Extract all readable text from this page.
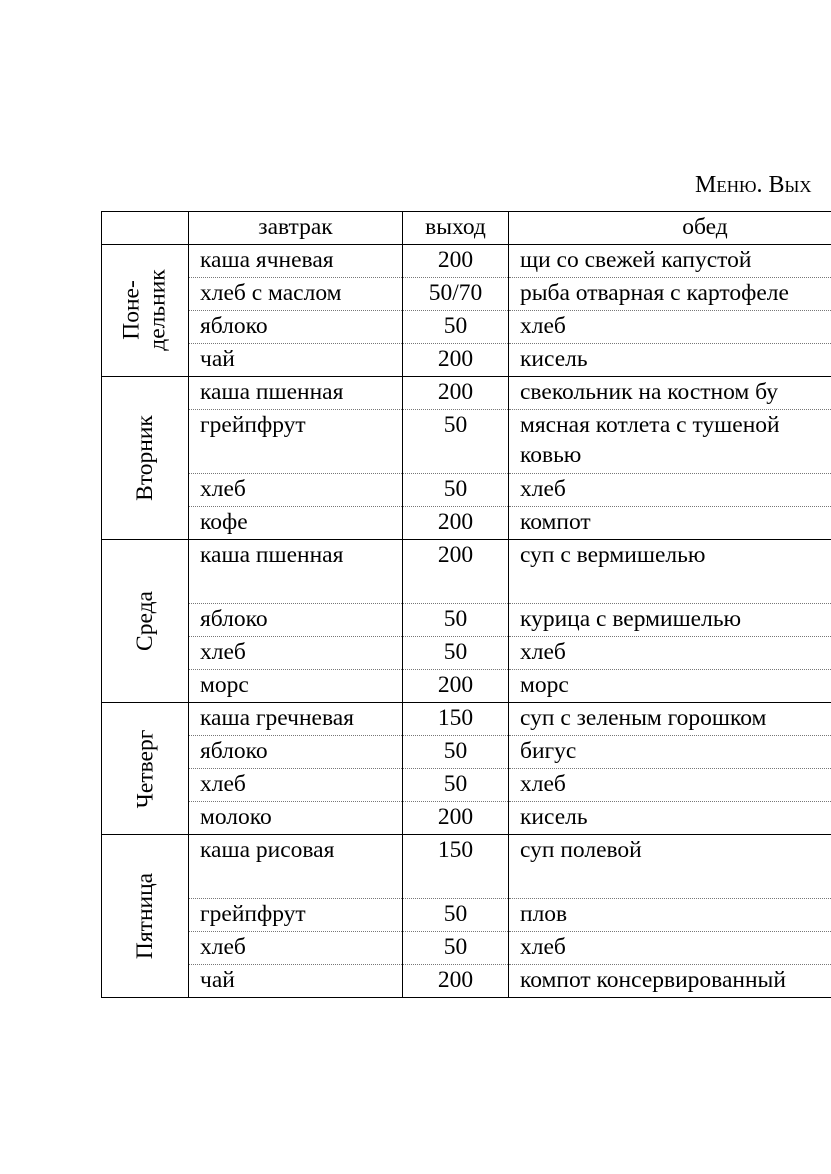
Меню. Вых
	завтрак	выход	обед

Поне- дельник	каша ячневая	200	щи со свежей капустой
	хлеб с маслом	50/70	рыба отварная с картофеле
	яблоко	50	хлеб
	чай	200	кисель

Вторник	каша пшенная	200	свекольник на костном бу
	грейпфрут	50	мясная котлета с тушеной
ковью
	хлеб	50	хлеб
	кофе	200	компот

Среда	каша пшенная	200	суп с вермишелью
	яблоко	50	курица с вермишелью
	хлеб	50	хлеб
	морс	200	морс

Четверг	каша гречневая	150	суп с зеленым горошком
	яблоко	50	бигус
	хлеб	50	хлеб
	молоко	200	кисель

Пятница	каша рисовая	150	суп полевой
	грейпфрут	50	плов
	хлеб	50	хлеб
	чай	200	компот консервированный
